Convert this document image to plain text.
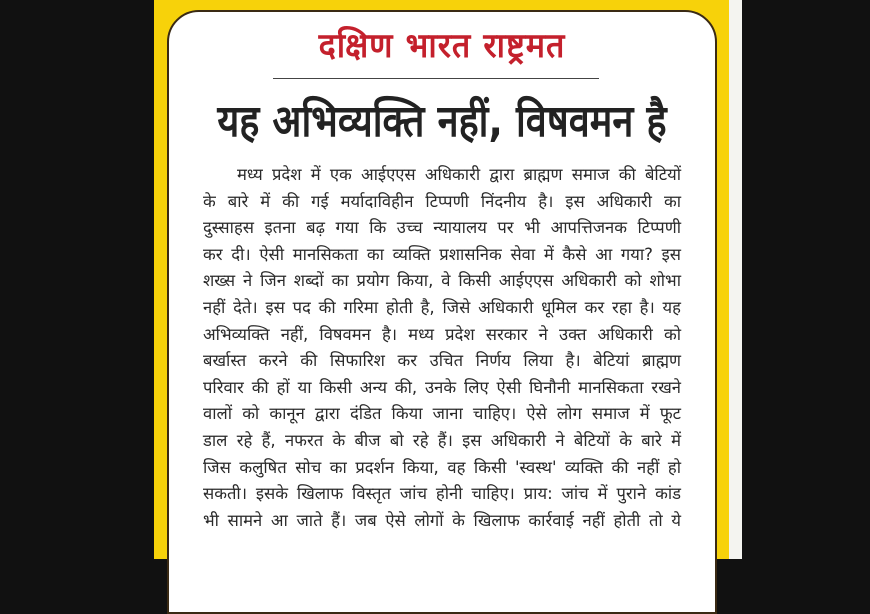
दक्षिण भारत राष्ट्रमत
यह अभिव्यक्ति नहीं, विषवमन है
मध्य प्रदेश में एक आईएएस अधिकारी द्वारा ब्राह्मण समाज की बेटियों
के बारे में की गई मर्यादाविहीन टिप्पणी निंदनीय है। इस अधिकारी का
दुस्साहस इतना बढ़ गया कि उच्च न्यायालय पर भी आपत्तिजनक टिप्पणी
कर दी। ऐसी मानसिकता का व्यक्ति प्रशासनिक सेवा में कैसे आ गया? इस
शख्स ने जिन शब्दों का प्रयोग किया, वे किसी आईएएस अधिकारी को शोभा
नहीं देते। इस पद की गरिमा होती है, जिसे अधिकारी धूमिल कर रहा है। यह
अभिव्यक्ति नहीं, विषवमन है। मध्य प्रदेश सरकार ने उक्त अधिकारी को
बर्खास्त करने की सिफारिश कर उचित निर्णय लिया है। बेटियां ब्राह्मण
परिवार की हों या किसी अन्य की, उनके लिए ऐसी घिनौनी मानसिकता रखने
वालों को कानून द्वारा दंडित किया जाना चाहिए। ऐसे लोग समाज में फूट
डाल रहे हैं, नफरत के बीज बो रहे हैं। इस अधिकारी ने बेटियों के बारे में
जिस कलुषित सोच का प्रदर्शन किया, वह किसी 'स्वस्थ' व्यक्ति की नहीं हो
सकती। इसके खिलाफ विस्तृत जांच होनी चाहिए। प्राय: जांच में पुराने कांड
भी सामने आ जाते हैं। जब ऐसे लोगों के खिलाफ कार्रवाई नहीं होती तो ये
